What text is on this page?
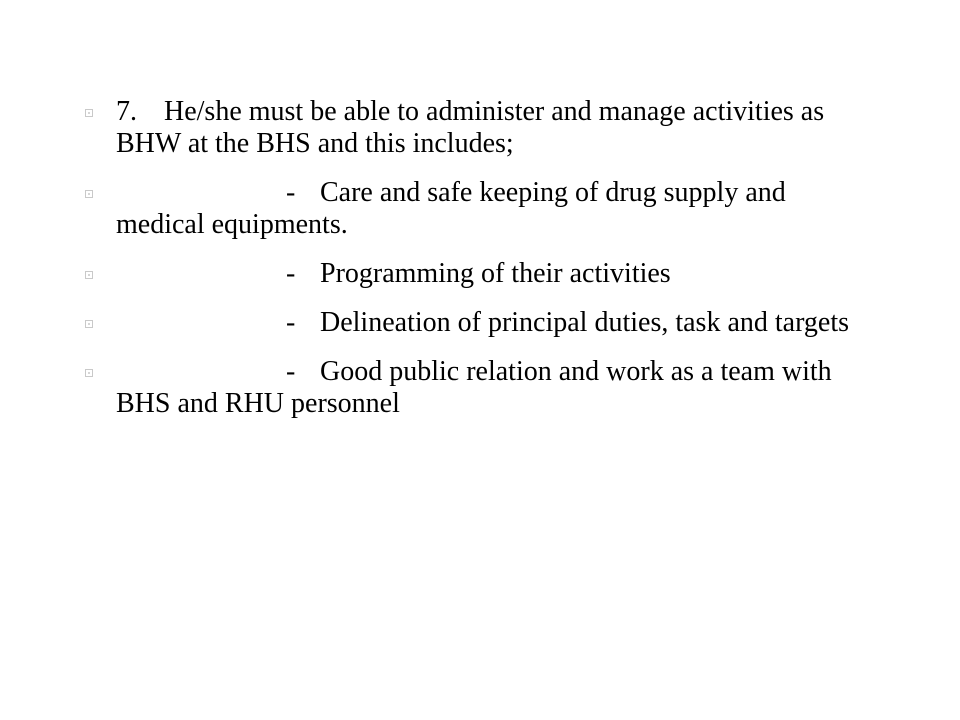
7. He/she must be able to administer and manage activities as BHW at the BHS and this includes;
- Care and safe keeping of drug supply and medical equipments.
- Programming of their activities
- Delineation of principal duties, task and targets
- Good public relation and work as a team with BHS and RHU personnel
